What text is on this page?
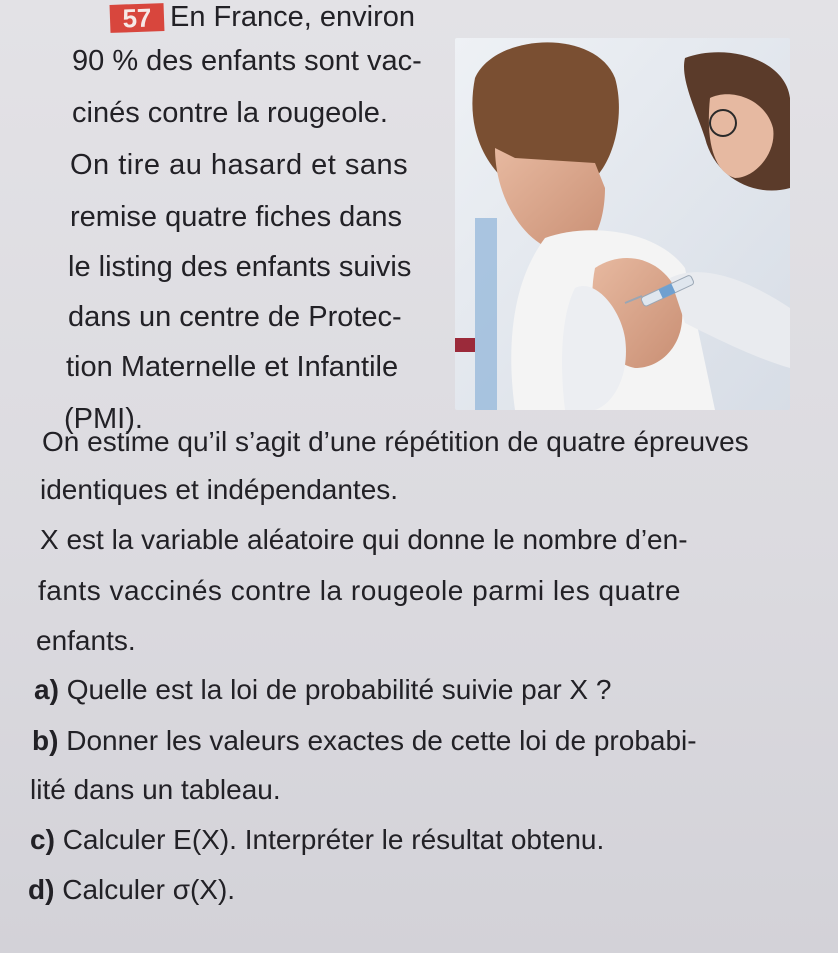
57 En France, environ
90 % des enfants sont vac-
cinés contre la rougeole.
On tire au hasard et sans
remise quatre fiches dans
le listing des enfants suivis
dans un centre de Protec-
tion Maternelle et Infantile
(PMI).
On estime qu’il s’agit d’une répétition de quatre épreuves
identiques et indépendantes.
X est la variable aléatoire qui donne le nombre d’en-
fants vaccinés contre la rougeole parmi les quatre
enfants.
a) Quelle est la loi de probabilité suivie par X ?
b) Donner les valeurs exactes de cette loi de probabi-
lité dans un tableau.
c) Calculer E(X). Interpréter le résultat obtenu.
d) Calculer σ(X).
